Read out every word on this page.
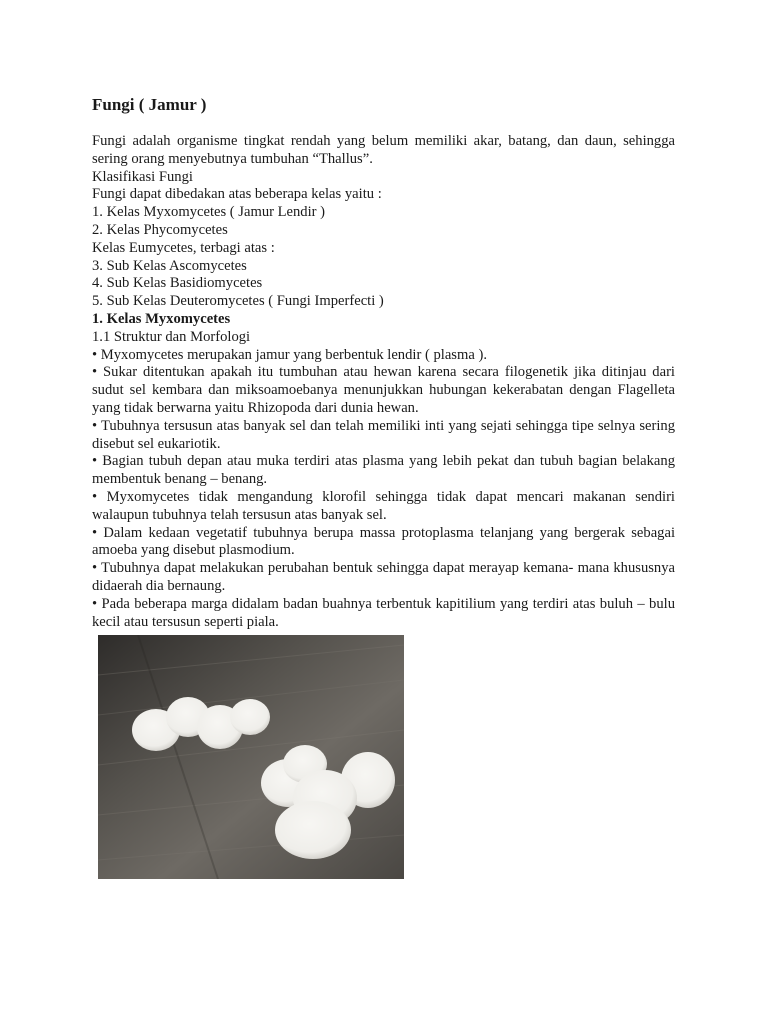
Fungi ( Jamur )
Fungi adalah organisme tingkat rendah yang belum memiliki akar, batang, dan daun, sehingga sering orang menyebutnya tumbuhan “Thallus”.
Klasifikasi Fungi
Fungi dapat dibedakan atas beberapa kelas yaitu :
1. Kelas Myxomycetes ( Jamur Lendir )
2. Kelas Phycomycetes
Kelas Eumycetes, terbagi atas :
3. Sub Kelas Ascomycetes
4. Sub Kelas Basidiomycetes
5. Sub Kelas Deuteromycetes ( Fungi Imperfecti )
1. Kelas Myxomycetes
1.1 Struktur dan Morfologi
• Myxomycetes merupakan jamur yang berbentuk lendir ( plasma ).
• Sukar ditentukan apakah itu tumbuhan atau hewan karena secara filogenetik jika ditinjau dari sudut sel kembara dan miksoamoebanya menunjukkan hubungan kekerabatan dengan Flagelleta yang tidak berwarna yaitu Rhizopoda dari dunia hewan.
• Tubuhnya tersusun atas banyak sel dan telah memiliki inti yang sejati sehingga tipe selnya sering disebut sel eukariotik.
• Bagian tubuh depan atau muka terdiri atas plasma yang lebih pekat dan tubuh bagian belakang membentuk benang – benang.
• Myxomycetes tidak mengandung klorofil sehingga tidak dapat mencari makanan sendiri walaupun tubuhnya telah tersusun atas banyak sel.
• Dalam kedaan vegetatif tubuhnya berupa massa protoplasma telanjang yang bergerak sebagai amoeba yang disebut plasmodium.
• Tubuhnya dapat melakukan perubahan bentuk sehingga dapat merayap kemana- mana khususnya didaerah dia bernaung.
• Pada beberapa marga didalam badan buahnya terbentuk kapitilium yang terdiri atas buluh – bulu kecil atau tersusun seperti piala.
